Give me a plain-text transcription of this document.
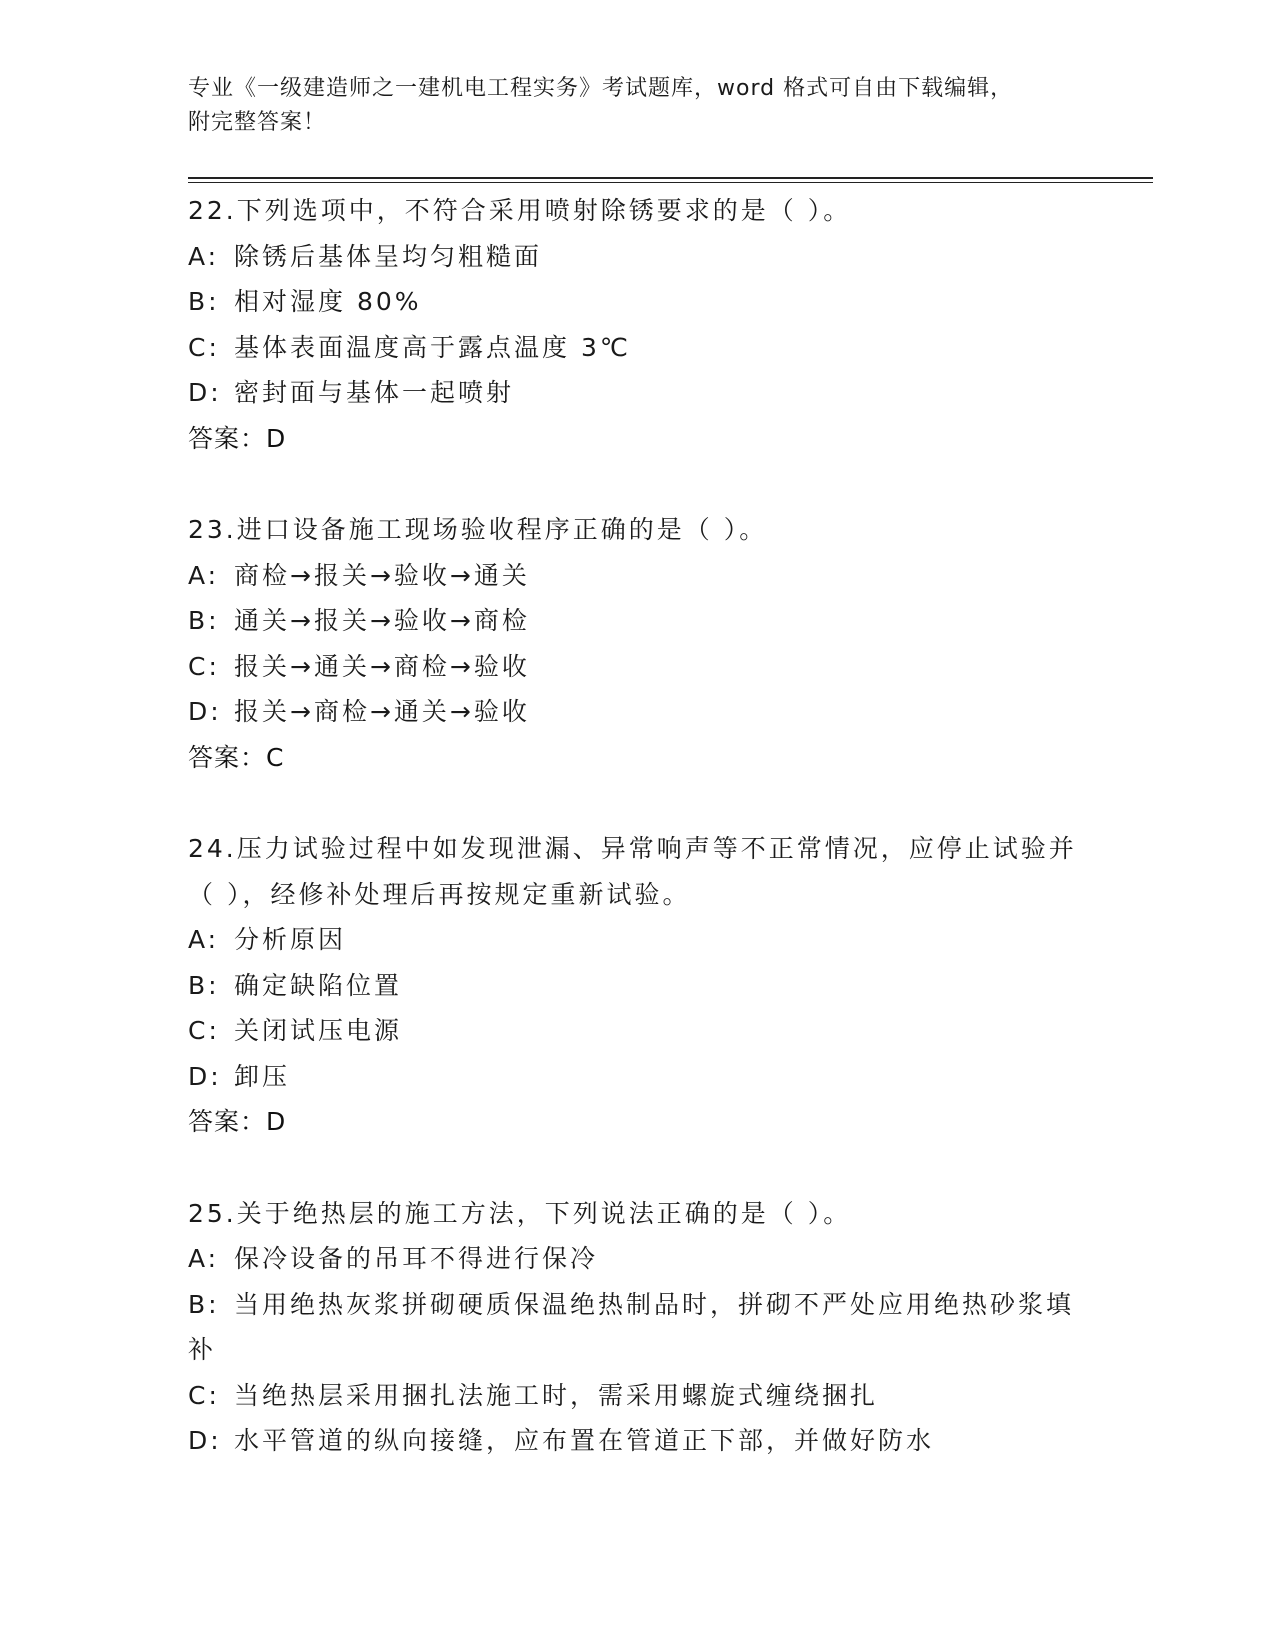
专业《一级建造师之一建机电工程实务》考试题库，word 格式可自由下载编辑，
附完整答案！
22.下列选项中，不符合采用喷射除锈要求的是（ ）。
A: 除锈后基体呈均匀粗糙面
B: 相对湿度 80%
C: 基体表面温度高于露点温度 3℃
D: 密封面与基体一起喷射
答案：D
23.进口设备施工现场验收程序正确的是（ ）。
A: 商检→报关→验收→通关
B: 通关→报关→验收→商检
C: 报关→通关→商检→验收
D: 报关→商检→通关→验收
答案：C
24.压力试验过程中如发现泄漏、异常响声等不正常情况，应停止试验并（ ），经修补处理后再按规定重新试验。
A: 分析原因
B: 确定缺陷位置
C: 关闭试压电源
D: 卸压
答案：D
25.关于绝热层的施工方法，下列说法正确的是（ ）。
A: 保冷设备的吊耳不得进行保冷
B: 当用绝热灰浆拼砌硬质保温绝热制品时，拼砌不严处应用绝热砂浆填补
C: 当绝热层采用捆扎法施工时，需采用螺旋式缠绕捆扎
D: 水平管道的纵向接缝，应布置在管道正下部，并做好防水
